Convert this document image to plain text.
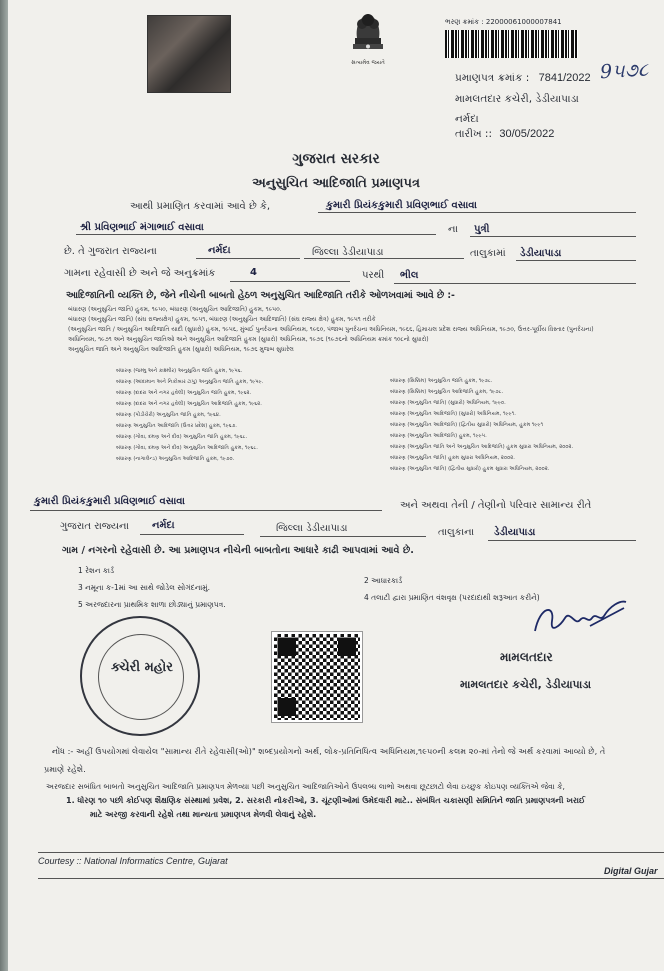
સત્યમેવ જયતે
ભરણ ક્રમાંક : 22000061000007841
પ્રમાણપત્ર ક્રમાંક : 7841/2022 9૫૭૮
મામલતદાર કચેરી, ડેડીયાપાડા
નર્મદા
તારીખ :: 30/05/2022
ગુજરાત સરકાર
અનુસુચિત આદિજાતિ પ્રમાણપત્ર
આથી પ્રમાણિત કરવામાં આવે છે કે,	કુમારી પ્રિયંકકુમારી પ્રવિણભાઈ વસાવા
શ્રી પ્રવિણભાઈ મંગાભાઈ વસાવા	ના પુત્રી
છે. તે ગુજરાત રાજ્યના	નર્મદા	જિલ્લા ડેડીયાપાડા	તાલુકામાં ડેડીયાપાડા
ગામના રહેવાસી છે અને જે અનુક્રમાંક	4	પરથી ભીલ
આદિજાતિની વ્યક્તિ છે, જેને નીચેની બાબતો હેઠળ અનુસુચિત આદિજાતિ તરીકે ઓળખવામાં આવે છે :-
બંધારણ (અનુસુચિત જાતિ) હુકમ, ૧૯૫૦, બંધારણ (અનુસુચિત આદિજાતિ) હુકમ, ૧૯૫૦.
બંધારણ (અનુસુચિત જાતિ) (સંઘ રાજ્યક્ષેત્ર) હુકમ, ૧૯૫૧, બંધારણ (અનુસુચિત આદિજાતિ) (સંઘ રાજ્ય ક્ષેત્ર) હુકમ, ૧૯૫૧ તરીકે
(અનુસુચિત જાતિ / અનુસુચિત આદિજાતિ યાદી (સુધારો) હુકમ, ૧૯૫૬, મુંબઈ પુનર્રચના અધિનિયમ, ૧૯૬૦, પંજાબ પુનર્રચના અધિનિયમ, ૧૯૬૬, હિમાચલ પ્રદેશ રાજ્ય અધિનિયમ, ૧૯૭૦, ઉત્તર-પૂર્વીય વિસ્તાર (પુનર્રચના)
અધિનિયમ, ૧૯૭૧ અને અનુસુચિત જાતિઓ અને અનુસુચિત આદિજાતિ હુકમ (સુધારો) અધિનિયમ, ૧૯૭૬ (૧૯૭૬નો અધિનિયમ ક્રમાંક ૧૦૮નો સુધારો)
અનુસુચિત જાતિ અને અનુસુચિત આદિજાતિ હુકમ (સુધારો) અધિનિયમ, ૧૯૭૬ મુજબ સુધારેલ
બંધારણ (જમ્મુ અને કાશ્મીર) અનુસુચિત જાતિ હુકમ, ૧૯૫૬.
બંધારણ (આંદામાન અને નિકોબાર ટાપુ) અનુસુચિત જાતિ હુકમ, ૧૯૫૯.
બંધારણ (દાદરા અને નગર હવેલી) અનુસુચિત જાતિ હુકમ, ૧૯૬૨.
બંધારણ (દાદરા અને નગર હવેલી) અનુસુચિત આદિજાતિ હુકમ, ૧૯૬૨.
બંધારણ (પોંડીચેરી) અનુસુચિત જાતિ હુકમ, ૧૯૬૪.
બંધારણ અનુસુચિત આદિજાતિ (ઉત્તર પ્રદેશ) હુકમ, ૧૯૬૭.
બંધારણ (ગોવા, દમણ અને દીવ) અનુસુચિત જાતિ હુકમ, ૧૯૬૮.
બંધારણ (ગોવા, દમણ અને દીવ) અનુસુચિત આદિજાતિ હુકમ, ૧૯૬૮.
બંધારણ (નાગાલેન્ડ) અનુસુચિત આદિજાતિ હુકમ, ૧૯૭૦.
બંધારણ (સિક્કિમ) અનુસુચિત જાતિ હુકમ, ૧૯૭૮.
બંધારણ (સિક્કિમ) અનુસુચિત આદિજાતિ હુકમ, ૧૯૭૮.
બંધારણ (અનુસુચિત જાતિ) (સુધારો) અધિનિયમ, ૧૯૯૦.
બંધારણ (અનુસુચિત આદિજાતિ) (સુધારો) અધિનિયમ, ૧૯૯૧.
બંધારણ (અનુસુચિત આદિજાતિ) (દ્વિતીય સુધારો) અધિનિયમ, હુકમ ૧૯૯૧
બંધારણ (અનુસુચિત આદિજાતિ) હુકમ, ૧૯૯૫.
બંધારણ (અનુસુચિત જાતિ અને અનુસુચિત આદિજાતિ) હુકમ સુધારા અધિનિયમ, ૨૦૦૨.
બંધારણ (અનુસુચિત જાતિ) હુકમ સુધારા અધિનિયમ, ૨૦૦૨.
બંધારણ (અનુસુચિત જાતિ) (દ્વિતીય સુધારો) હુકમ સુધારા અધિનિયમ, ૨૦૦૨.
કુમારી પ્રિયંકકુમારી પ્રવિણભાઈ વસાવા	અને અથવા તેની / તેણીનો પરિવાર સામાન્ય રીતે
ગુજરાત રાજ્યના નર્મદા	જિલ્લા ડેડીયાપાડા	તાલુકાના ડેડીયાપાડા
ગામ / નગરનો રહેવાસી છે. આ પ્રમાણપત્ર નીચેની બાબતોના આધારે કાઢી આપવામાં આવે છે.
1 રેશન કાર્ડ
3 નમૂના ક-1માં આ સાથે જોડેલ સોગંદનામું.
5 અરજદારના પ્રાથમિક શાળા છોડ્યાનું પ્રમાણપત્ર.
2 આધારકાર્ડ
4 તલાટી દ્વારા પ્રમાણિત વંશવૃક્ષ (પરદાદાથી શરૂઆત કરીને)
ક્ચેરી મહોર
મામલતદાર
મામલતદાર કચેરી, ડેડીયાપાડા
નોંધ :- અહીં ઉપયોગમાં લેવાયેલ "સામાન્ય રીતે રહેવાસી(ઓ)" શબ્દપ્રયોગનો અર્થ, લોક-પ્રતિનિધિત્વ અધિનિયમ,૧૯૫૦ની કલમ ૨૦-માં તેનો જે અર્થ કરવામાં આવ્યો છે, તે
પ્રમાણે રહેશે.
અરજદાર સબંધિત બાબતો અનુસુચિત આદિજાતિ પ્રમાણપત્ર મેળવ્યા પછી અનુસુચિત આદિજાતિઓને ઉપલબ્ધ લાભો અથવા છૂટછાટો લેવા ઇચ્છુક કોઇપણ વ્યક્તિએ જેવા કે,
1. ધોરણ ૧૦ પછી કોઈપણ શૈક્ષણિક સંસ્થામાં પ્રવેશ, 2. સરકારી નોકરીઓ, 3. ચૂંટણીઓમાં ઉમેદવારી માટે.. સંબંધિત ચકાસણી સમિતિને જાતિ પ્રમાણપત્રની ખરાઈ
માટે અરજી કરવાની રહેશે તથા માન્યતા પ્રમાણપત્ર મેળવી લેવાનું રહેશે.
Courtesy :: National Informatics Centre, Gujarat
Digital Gujar
